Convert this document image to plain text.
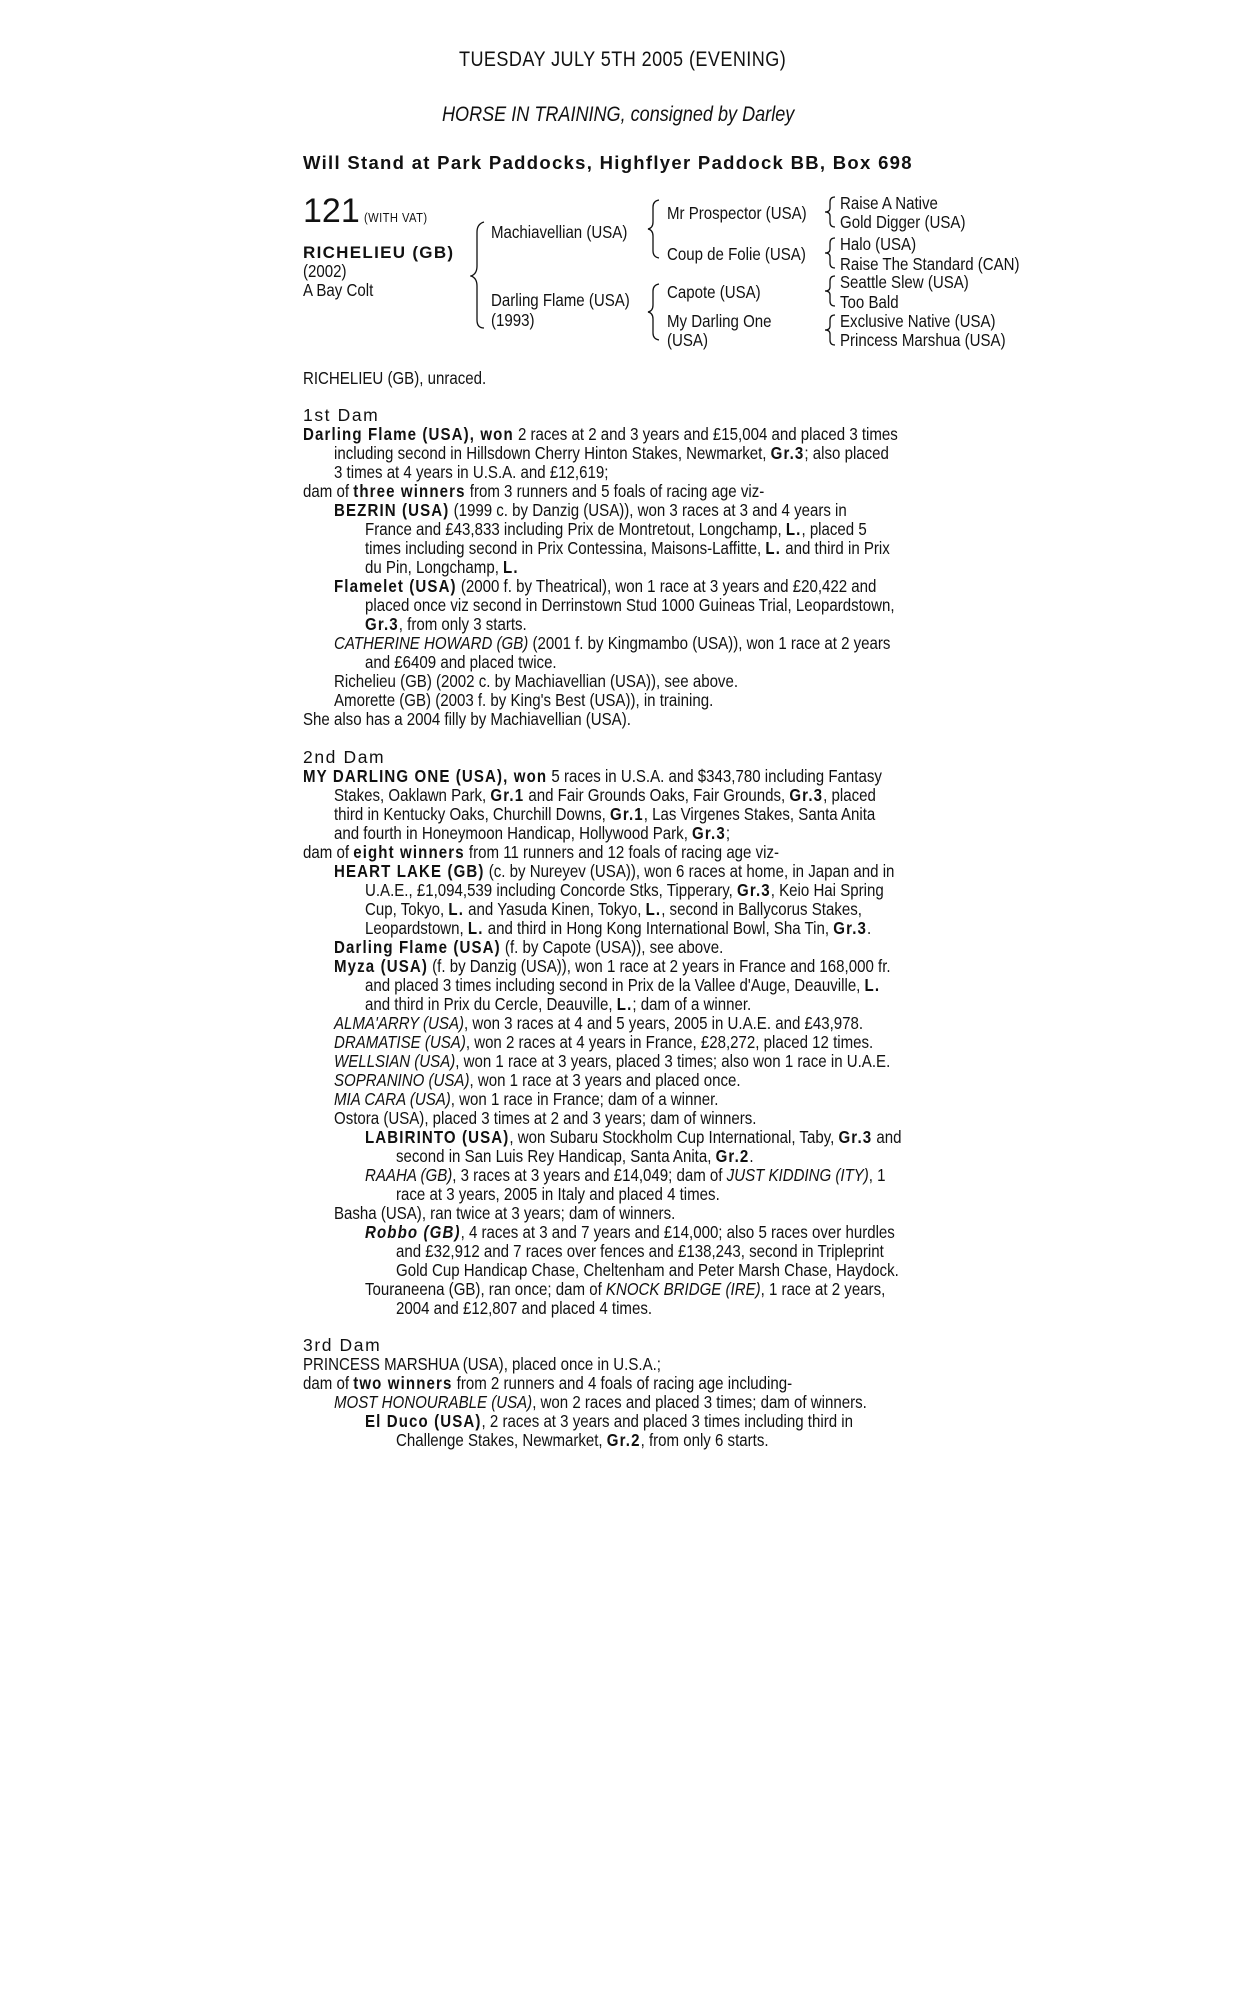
TUESDAY JULY 5TH 2005 (EVENING)
HORSE IN TRAINING, consigned by Darley
Will Stand at Park Paddocks, Highflyer Paddock BB, Box 698
121 (WITH VAT)
RICHELIEU (GB)
(2002)
A Bay Colt
Machiavellian (USA)
Darling Flame (USA)
(1993)
Mr Prospector (USA)
Coup de Folie (USA)
Capote (USA)
My Darling One
(USA)
Raise A Native
Gold Digger (USA)
Halo (USA)
Raise The Standard (CAN)
Seattle Slew (USA)
Too Bald
Exclusive Native (USA)
Princess Marshua (USA)
RICHELIEU (GB), unraced.
1st Dam
Darling Flame (USA), won 2 races at 2 and 3 years and £15,004 and placed 3 times
including second in Hillsdown Cherry Hinton Stakes, Newmarket, Gr.3; also placed
3 times at 4 years in U.S.A. and £12,619;
dam of three winners from 3 runners and 5 foals of racing age viz-
BEZRIN (USA) (1999 c. by Danzig (USA)), won 3 races at 3 and 4 years in
France and £43,833 including Prix de Montretout, Longchamp, L., placed 5
times including second in Prix Contessina, Maisons-Laffitte, L. and third in Prix
du Pin, Longchamp, L.
Flamelet (USA) (2000 f. by Theatrical), won 1 race at 3 years and £20,422 and
placed once viz second in Derrinstown Stud 1000 Guineas Trial, Leopardstown,
Gr.3, from only 3 starts.
CATHERINE HOWARD (GB) (2001 f. by Kingmambo (USA)), won 1 race at 2 years
and £6409 and placed twice.
Richelieu (GB) (2002 c. by Machiavellian (USA)), see above.
Amorette (GB) (2003 f. by King's Best (USA)), in training.
She also has a 2004 filly by Machiavellian (USA).
2nd Dam
MY DARLING ONE (USA), won 5 races in U.S.A. and $343,780 including Fantasy
Stakes, Oaklawn Park, Gr.1 and Fair Grounds Oaks, Fair Grounds, Gr.3, placed
third in Kentucky Oaks, Churchill Downs, Gr.1, Las Virgenes Stakes, Santa Anita
and fourth in Honeymoon Handicap, Hollywood Park, Gr.3;
dam of eight winners from 11 runners and 12 foals of racing age viz-
HEART LAKE (GB) (c. by Nureyev (USA)), won 6 races at home, in Japan and in
U.A.E., £1,094,539 including Concorde Stks, Tipperary, Gr.3, Keio Hai Spring
Cup, Tokyo, L. and Yasuda Kinen, Tokyo, L., second in Ballycorus Stakes,
Leopardstown, L. and third in Hong Kong International Bowl, Sha Tin, Gr.3.
Darling Flame (USA) (f. by Capote (USA)), see above.
Myza (USA) (f. by Danzig (USA)), won 1 race at 2 years in France and 168,000 fr.
and placed 3 times including second in Prix de la Vallee d'Auge, Deauville, L.
and third in Prix du Cercle, Deauville, L.; dam of a winner.
ALMA'ARRY (USA), won 3 races at 4 and 5 years, 2005 in U.A.E. and £43,978.
DRAMATISE (USA), won 2 races at 4 years in France, £28,272, placed 12 times.
WELLSIAN (USA), won 1 race at 3 years, placed 3 times; also won 1 race in U.A.E.
SOPRANINO (USA), won 1 race at 3 years and placed once.
MIA CARA (USA), won 1 race in France; dam of a winner.
Ostora (USA), placed 3 times at 2 and 3 years; dam of winners.
LABIRINTO (USA), won Subaru Stockholm Cup International, Taby, Gr.3 and
second in San Luis Rey Handicap, Santa Anita, Gr.2.
RAAHA (GB), 3 races at 3 years and £14,049; dam of JUST KIDDING (ITY), 1
race at 3 years, 2005 in Italy and placed 4 times.
Basha (USA), ran twice at 3 years; dam of winners.
Robbo (GB), 4 races at 3 and 7 years and £14,000; also 5 races over hurdles
and £32,912 and 7 races over fences and £138,243, second in Tripleprint
Gold Cup Handicap Chase, Cheltenham and Peter Marsh Chase, Haydock.
Touraneena (GB), ran once; dam of KNOCK BRIDGE (IRE), 1 race at 2 years,
2004 and £12,807 and placed 4 times.
3rd Dam
PRINCESS MARSHUA (USA), placed once in U.S.A.;
dam of two winners from 2 runners and 4 foals of racing age including-
MOST HONOURABLE (USA), won 2 races and placed 3 times; dam of winners.
El Duco (USA), 2 races at 3 years and placed 3 times including third in
Challenge Stakes, Newmarket, Gr.2, from only 6 starts.
